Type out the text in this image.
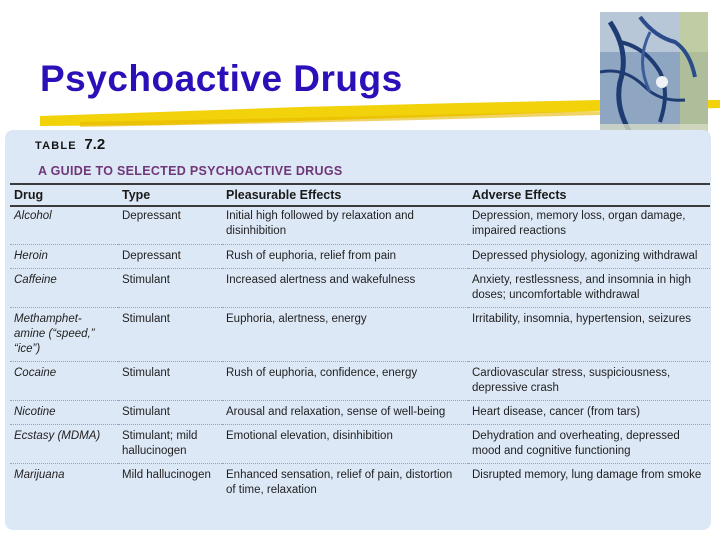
Psychoactive Drugs
TABLE 7.2
A GUIDE TO SELECTED PSYCHOACTIVE DRUGS
Drug	Type	Pleasurable Effects	Adverse Effects
Alcohol	Depressant	Initial high followed by relaxation and disinhibition	Depression, memory loss, organ damage, impaired reactions
Heroin	Depressant	Rush of euphoria, relief from pain	Depressed physiology, agonizing withdrawal
Caffeine	Stimulant	Increased alertness and wakefulness	Anxiety, restlessness, and insomnia in high doses; uncomfortable withdrawal
Methamphet-amine (“speed,” “ice”)	Stimulant	Euphoria, alertness, energy	Irritability, insomnia, hypertension, seizures
Cocaine	Stimulant	Rush of euphoria, confidence, energy	Cardiovascular stress, suspiciousness, depressive crash
Nicotine	Stimulant	Arousal and relaxation, sense of well-being	Heart disease, cancer (from tars)
Ecstasy (MDMA)	Stimulant; mild hallucinogen	Emotional elevation, disinhibition	Dehydration and overheating, depressed mood and cognitive functioning
Marijuana	Mild hallucinogen	Enhanced sensation, relief of pain, distortion of time, relaxation	Disrupted memory, lung damage from smoke
